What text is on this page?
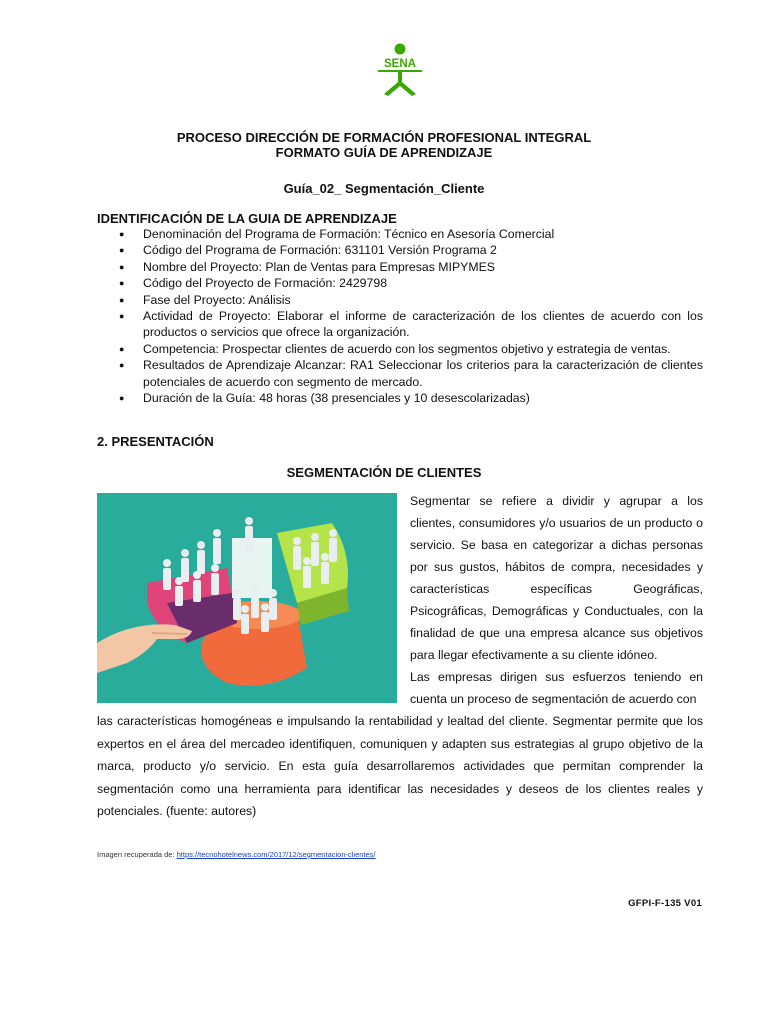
SENA
PROCESO DIRECCIÓN DE FORMACIÓN PROFESIONAL INTEGRAL
FORMATO GUÍA DE APRENDIZAJE
Guía_02_ Segmentación_Cliente
IDENTIFICACIÓN DE LA GUIA DE APRENDIZAJE
● Denominación del Programa de Formación: Técnico en Asesoría Comercial
● Código del Programa de Formación: 631101 Versión Programa 2
● Nombre del Proyecto: Plan de Ventas para Empresas MIPYMES
● Código del Proyecto de Formación: 2429798
● Fase del Proyecto: Análisis
● Actividad de Proyecto: Elaborar el informe de caracterización de los clientes de acuerdo con los productos o servicios que ofrece la organización.
● Competencia: Prospectar clientes de acuerdo con los segmentos objetivo y estrategia de ventas.
● Resultados de Aprendizaje Alcanzar: RA1 Seleccionar los criterios para la caracterización de clientes potenciales de acuerdo con segmento de mercado.
● Duración de la Guía: 48 horas (38 presenciales y 10 desescolarizadas)
2. PRESENTACIÓN
SEGMENTACIÓN DE CLIENTES

Segmentar se refiere a dividir y agrupar a los clientes, consumidores y/o usuarios de un producto o servicio. Se basa en categorizar a dichas personas por sus gustos, hábitos de compra, necesidades y características específicas Geográficas, Psicográficas, Demográficas y Conductuales, con la finalidad de que una empresa alcance sus objetivos para llegar efectivamente a su cliente idóneo.

Las empresas dirigen sus esfuerzos teniendo en cuenta un proceso de segmentación de acuerdo con

las características homogéneas e impulsando la rentabilidad y lealtad del cliente. Segmentar permite que los expertos en el área del mercadeo identifiquen, comuniquen y adapten sus estrategias al grupo objetivo de la marca, producto y/o servicio. En esta guía desarrollaremos actividades que permitan comprender la segmentación como una herramienta para identificar las necesidades y deseos de los clientes reales y potenciales. (fuente: autores)

Imagen recuperada de: https://tecnohotelnews.com/2017/12/segmentacion-clientes/
GFPI-F-135 V01
